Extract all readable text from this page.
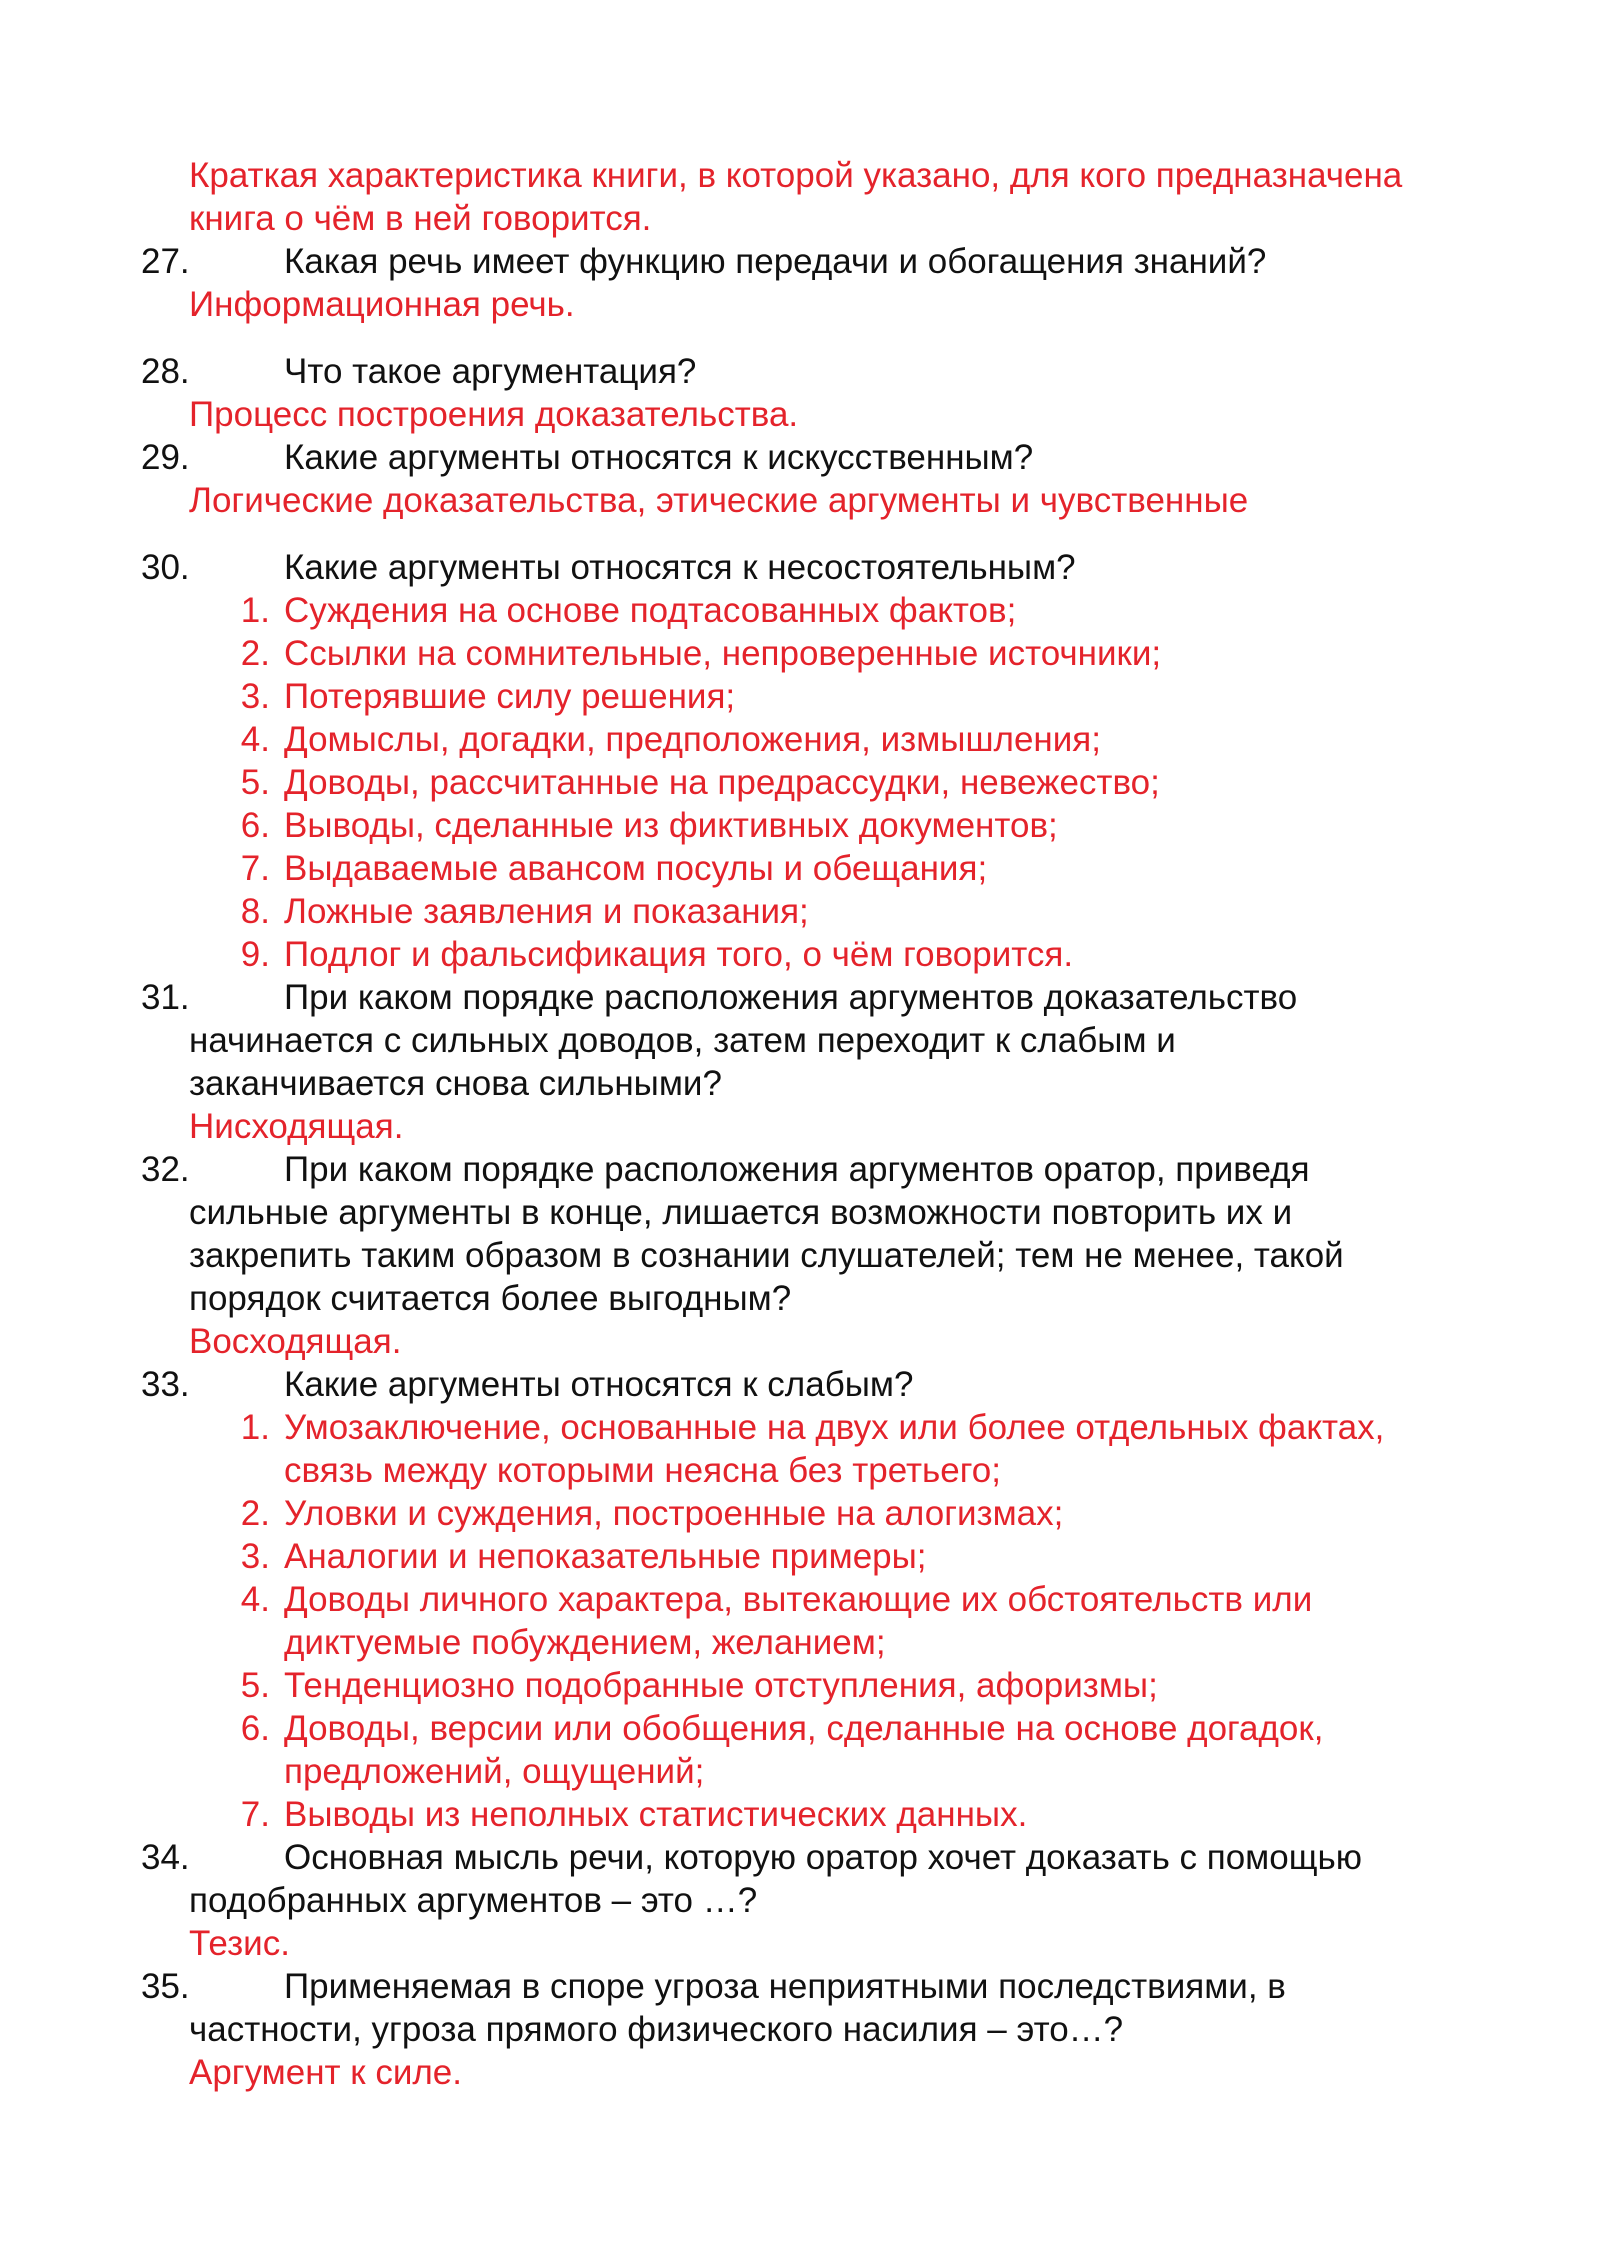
Краткая характеристика книги, в которой указано, для кого предназначена
книга о чём в ней говорится.
27.	Какая речь имеет функцию передачи и обогащения знаний?
Информационная речь.
28.	Что такое аргументация?
Процесс построения доказательства.
29.	Какие аргументы относятся к искусственным?
Логические доказательства, этические аргументы и чувственные
30.	Какие аргументы относятся к несостоятельным?
1. Суждения на основе подтасованных фактов;
2. Ссылки на сомнительные, непроверенные источники;
3. Потерявшие силу решения;
4. Домыслы, догадки, предположения, измышления;
5. Доводы, рассчитанные на предрассудки, невежество;
6. Выводы, сделанные из фиктивных документов;
7. Выдаваемые авансом посулы и обещания;
8. Ложные заявления и показания;
9. Подлог и фальсификация того, о чём говорится.
31.	При каком порядке расположения аргументов доказательство
начинается с сильных доводов, затем переходит к слабым и
заканчивается снова сильными?
Нисходящая.
32.	При каком порядке расположения аргументов оратор, приведя
сильные аргументы в конце, лишается возможности повторить их и
закрепить таким образом в сознании слушателей; тем не менее, такой
порядок считается более выгодным?
Восходящая.
33.	Какие аргументы относятся к слабым?
1. Умозаключение, основанные на двух или более отдельных фактах,
связь между которыми неясна без третьего;
2. Уловки и суждения, построенные на алогизмах;
3. Аналогии и непоказательные примеры;
4. Доводы личного характера, вытекающие их обстоятельств или
диктуемые побуждением, желанием;
5. Тенденциозно подобранные отступления, афоризмы;
6. Доводы, версии или обобщения, сделанные на основе догадок,
предложений, ощущений;
7. Выводы из неполных статистических данных.
34.	Основная мысль речи, которую оратор хочет доказать с помощью
подобранных аргументов – это …?
Тезис.
35.	Применяемая в споре угроза неприятными последствиями, в
частности, угроза прямого физического насилия – это…?
Аргумент к силе.
